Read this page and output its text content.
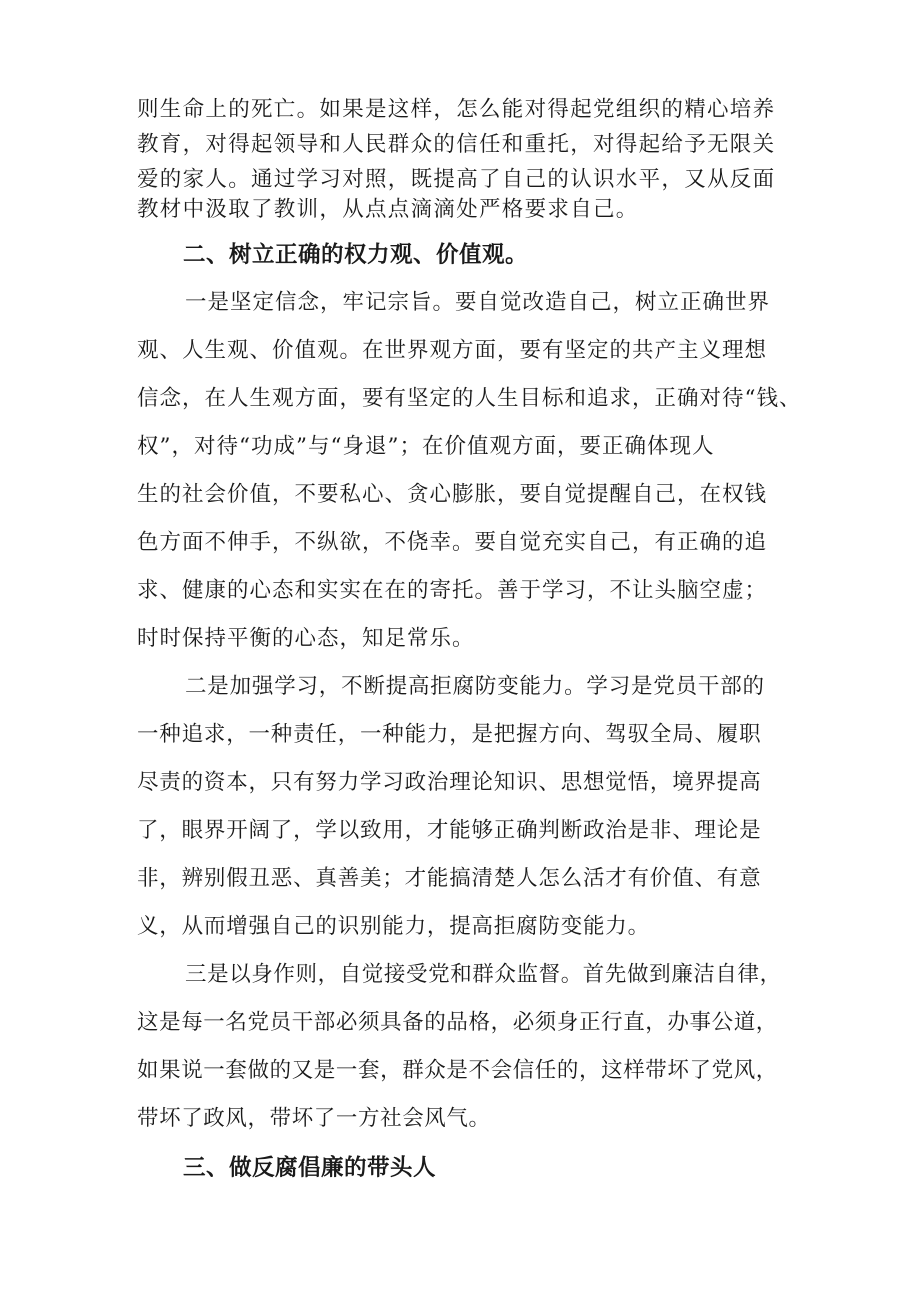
则生命上的死亡。如果是这样，怎么能对得起党组织的精心培养
教育，对得起领导和人民群众的信任和重托，对得起给予无限关
爱的家人。通过学习对照，既提高了自己的认识水平，又从反面
教材中汲取了教训，从点点滴滴处严格要求自己。
二、树立正确的权力观、价值观。
一是坚定信念，牢记宗旨。要自觉改造自己，树立正确世界
观、人生观、价值观。在世界观方面，要有坚定的共产主义理想
信念，在人生观方面，要有坚定的人生目标和追求，正确对待“钱、
权”，对待“功成”与“身退”；在价值观方面，要正确体现人
生的社会价值，不要私心、贪心膨胀，要自觉提醒自己，在权钱
色方面不伸手，不纵欲，不侥幸。要自觉充实自己，有正确的追
求、健康的心态和实实在在的寄托。善于学习，不让头脑空虚；
时时保持平衡的心态，知足常乐。
二是加强学习，不断提高拒腐防变能力。学习是党员干部的
一种追求，一种责任，一种能力，是把握方向、驾驭全局、履职
尽责的资本，只有努力学习政治理论知识、思想觉悟，境界提高
了，眼界开阔了，学以致用，才能够正确判断政治是非、理论是
非，辨别假丑恶、真善美；才能搞清楚人怎么活才有价值、有意
义，从而增强自己的识别能力，提高拒腐防变能力。
三是以身作则，自觉接受党和群众监督。首先做到廉洁自律，
这是每一名党员干部必须具备的品格，必须身正行直，办事公道，
如果说一套做的又是一套，群众是不会信任的，这样带坏了党风，
带坏了政风，带坏了一方社会风气。
三、做反腐倡廉的带头人
